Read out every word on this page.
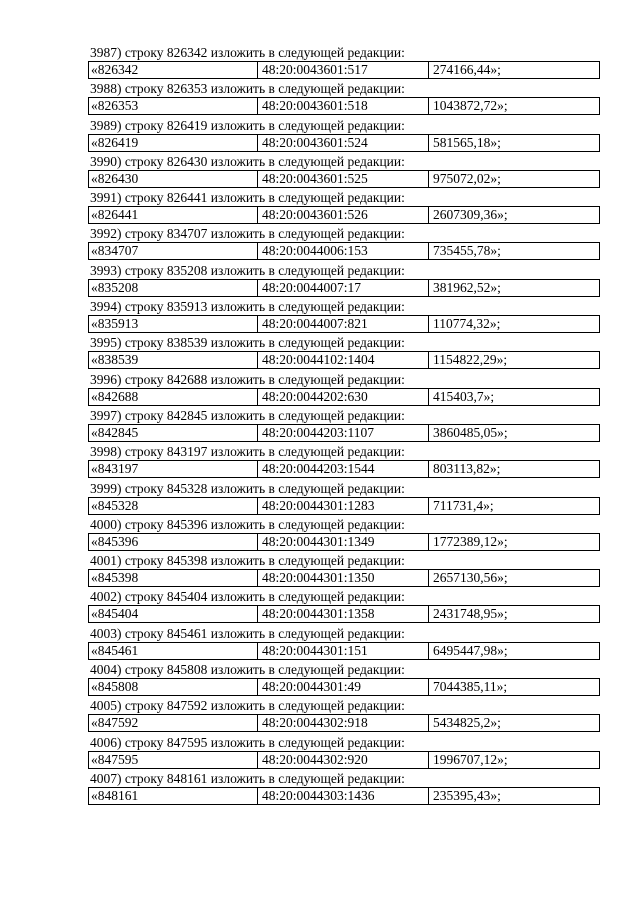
3987) строку 826342 изложить в следующей редакции:
«826342	48:20:0043601:517	274166,44»;
3988) строку 826353 изложить в следующей редакции:
«826353	48:20:0043601:518	1043872,72»;
3989) строку 826419 изложить в следующей редакции:
«826419	48:20:0043601:524	581565,18»;
3990) строку 826430 изложить в следующей редакции:
«826430	48:20:0043601:525	975072,02»;
3991) строку 826441 изложить в следующей редакции:
«826441	48:20:0043601:526	2607309,36»;
3992) строку 834707 изложить в следующей редакции:
«834707	48:20:0044006:153	735455,78»;
3993) строку 835208 изложить в следующей редакции:
«835208	48:20:0044007:17	381962,52»;
3994) строку 835913 изложить в следующей редакции:
«835913	48:20:0044007:821	110774,32»;
3995) строку 838539 изложить в следующей редакции:
«838539	48:20:0044102:1404	1154822,29»;
3996) строку 842688 изложить в следующей редакции:
«842688	48:20:0044202:630	415403,7»;
3997) строку 842845 изложить в следующей редакции:
«842845	48:20:0044203:1107	3860485,05»;
3998) строку 843197 изложить в следующей редакции:
«843197	48:20:0044203:1544	803113,82»;
3999) строку 845328 изложить в следующей редакции:
«845328	48:20:0044301:1283	711731,4»;
4000) строку 845396 изложить в следующей редакции:
«845396	48:20:0044301:1349	1772389,12»;
4001) строку 845398 изложить в следующей редакции:
«845398	48:20:0044301:1350	2657130,56»;
4002) строку 845404 изложить в следующей редакции:
«845404	48:20:0044301:1358	2431748,95»;
4003) строку 845461 изложить в следующей редакции:
«845461	48:20:0044301:151	6495447,98»;
4004) строку 845808 изложить в следующей редакции:
«845808	48:20:0044301:49	7044385,11»;
4005) строку 847592 изложить в следующей редакции:
«847592	48:20:0044302:918	5434825,2»;
4006) строку 847595 изложить в следующей редакции:
«847595	48:20:0044302:920	1996707,12»;
4007) строку 848161 изложить в следующей редакции:
«848161	48:20:0044303:1436	235395,43»;
